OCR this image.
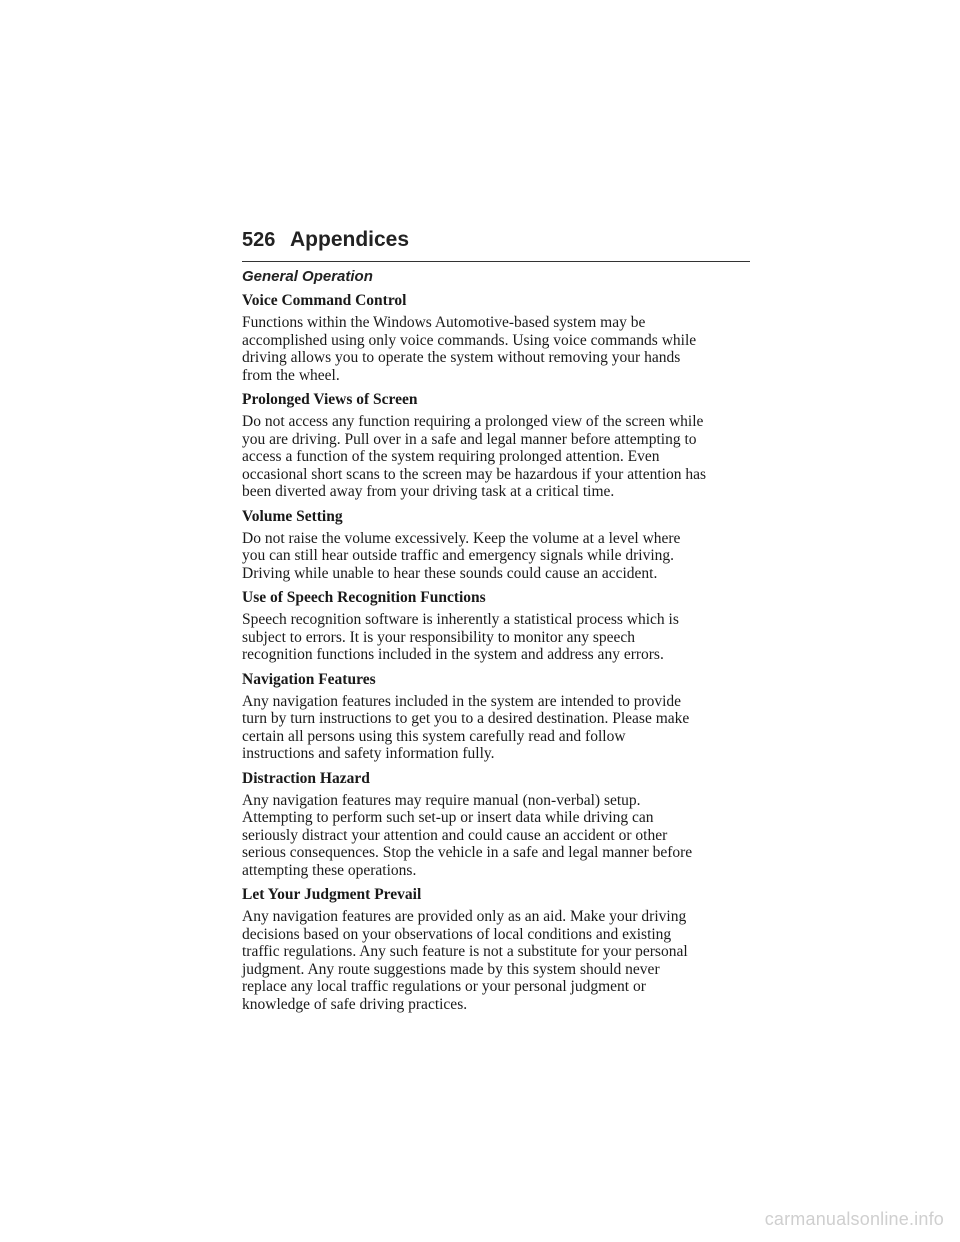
526 Appendices
General Operation
Voice Command Control

Functions within the Windows Automotive-based system may be
accomplished using only voice commands. Using voice commands while
driving allows you to operate the system without removing your hands
from the wheel.

Prolonged Views of Screen

Do not access any function requiring a prolonged view of the screen while
you are driving. Pull over in a safe and legal manner before attempting to
access a function of the system requiring prolonged attention. Even
occasional short scans to the screen may be hazardous if your attention has
been diverted away from your driving task at a critical time.

Volume Setting

Do not raise the volume excessively. Keep the volume at a level where
you can still hear outside traffic and emergency signals while driving.
Driving while unable to hear these sounds could cause an accident.

Use of Speech Recognition Functions

Speech recognition software is inherently a statistical process which is
subject to errors. It is your responsibility to monitor any speech
recognition functions included in the system and address any errors.

Navigation Features

Any navigation features included in the system are intended to provide
turn by turn instructions to get you to a desired destination. Please make
certain all persons using this system carefully read and follow
instructions and safety information fully.

Distraction Hazard

Any navigation features may require manual (non-verbal) setup.
Attempting to perform such set-up or insert data while driving can
seriously distract your attention and could cause an accident or other
serious consequences. Stop the vehicle in a safe and legal manner before
attempting these operations.

Let Your Judgment Prevail

Any navigation features are provided only as an aid. Make your driving
decisions based on your observations of local conditions and existing
traffic regulations. Any such feature is not a substitute for your personal
judgment. Any route suggestions made by this system should never
replace any local traffic regulations or your personal judgment or
knowledge of safe driving practices.

carmanualsonline.info
